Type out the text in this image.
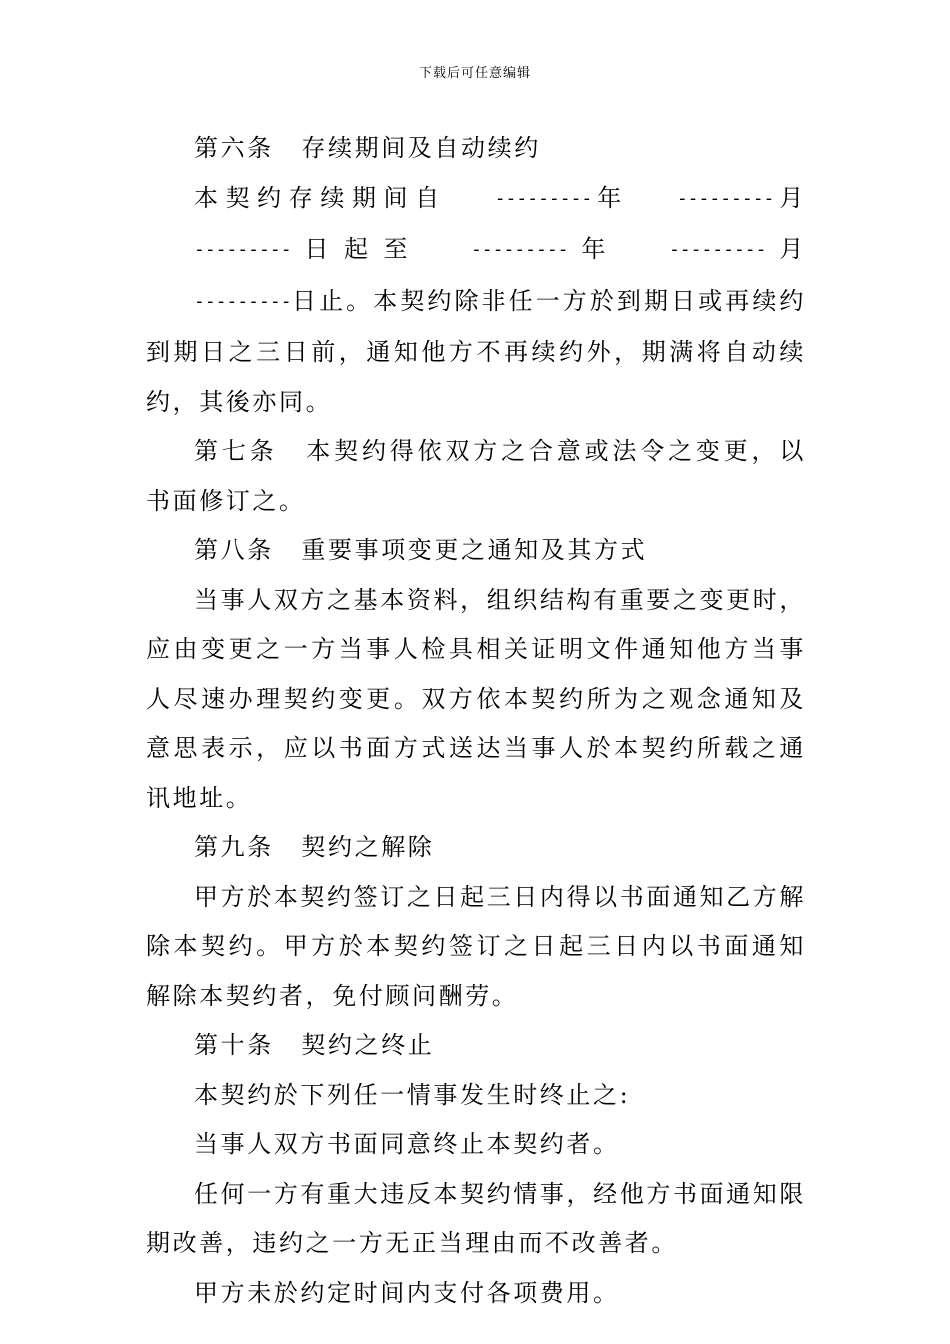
下载后可任意编辑
第六条 存续期间及自动续约

本契约存续期间自	---------年	---------月---------日起至	---------年	---------月---------日止。本契约除非任一方於到期日或再续约到期日之三日前，通知他方不再续约外，期满将自动续约，其後亦同。

第七条 本契约得依双方之合意或法令之变更，以书面修订之。

第八条 重要事项变更之通知及其方式

当事人双方之基本资料，组织结构有重要之变更时，应由变更之一方当事人检具相关证明文件通知他方当事人尽速办理契约变更。双方依本契约所为之观念通知及意思表示，应以书面方式送达当事人於本契约所载之通讯地址。

第九条 契约之解除

甲方於本契约签订之日起三日内得以书面通知乙方解除本契约。甲方於本契约签订之日起三日内以书面通知解除本契约者，免付顾问酬劳。

第十条 契约之终止

本契约於下列任一情事发生时终止之:

当事人双方书面同意终止本契约者。

任何一方有重大违反本契约情事，经他方书面通知限期改善，违约之一方无正当理由而不改善者。

甲方未於约定时间内支付各项费用。
